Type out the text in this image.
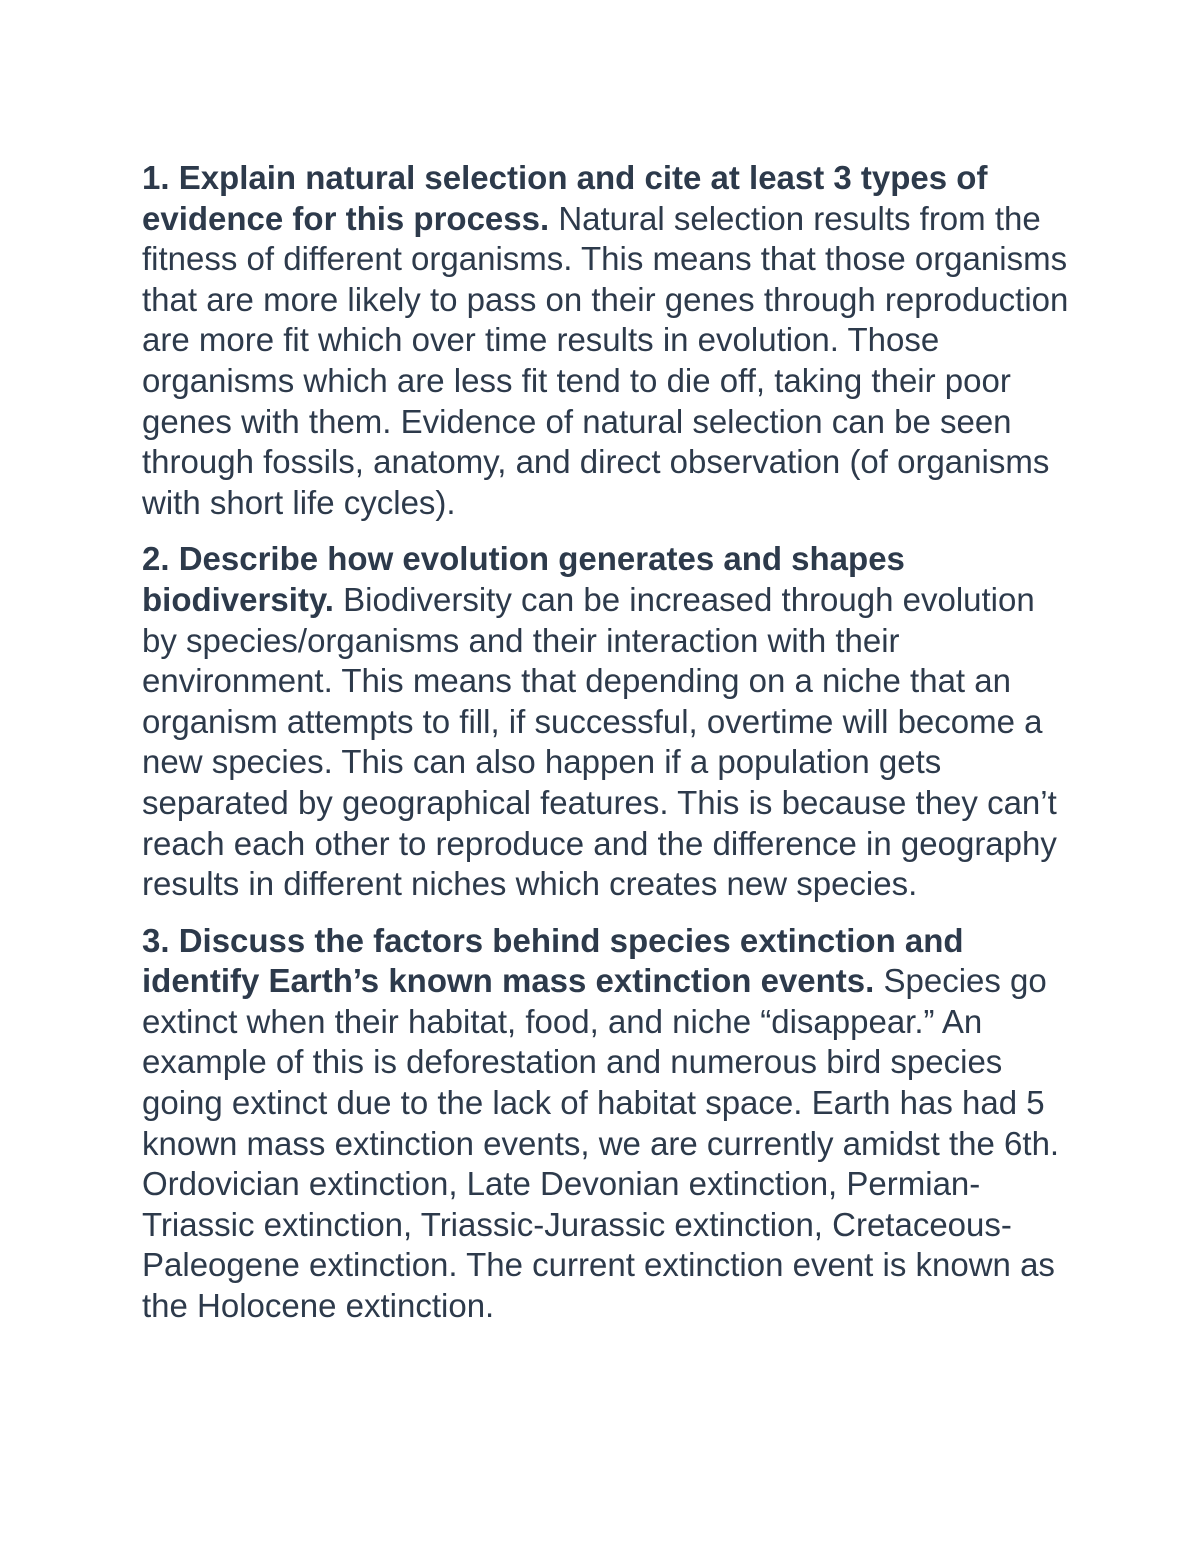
1. Explain natural selection and cite at least 3 types of evidence for this process. Natural selection results from the fitness of different organisms. This means that those organisms that are more likely to pass on their genes through reproduction are more fit which over time results in evolution. Those organisms which are less fit tend to die off, taking their poor genes with them. Evidence of natural selection can be seen through fossils, anatomy, and direct observation (of organisms with short life cycles).

2. Describe how evolution generates and shapes biodiversity. Biodiversity can be increased through evolution by species/organisms and their interaction with their environment. This means that depending on a niche that an organism attempts to fill, if successful, overtime will become a new species. This can also happen if a population gets separated by geographical features. This is because they can’t reach each other to reproduce and the difference in geography results in different niches which creates new species.

3. Discuss the factors behind species extinction and identify Earth’s known mass extinction events. Species go extinct when their habitat, food, and niche “disappear.” An example of this is deforestation and numerous bird species going extinct due to the lack of habitat space. Earth has had 5 known mass extinction events, we are currently amidst the 6th. Ordovician extinction, Late Devonian extinction, Permian-Triassic extinction, Triassic-Jurassic extinction, Cretaceous-Paleogene extinction. The current extinction event is known as the Holocene extinction.
